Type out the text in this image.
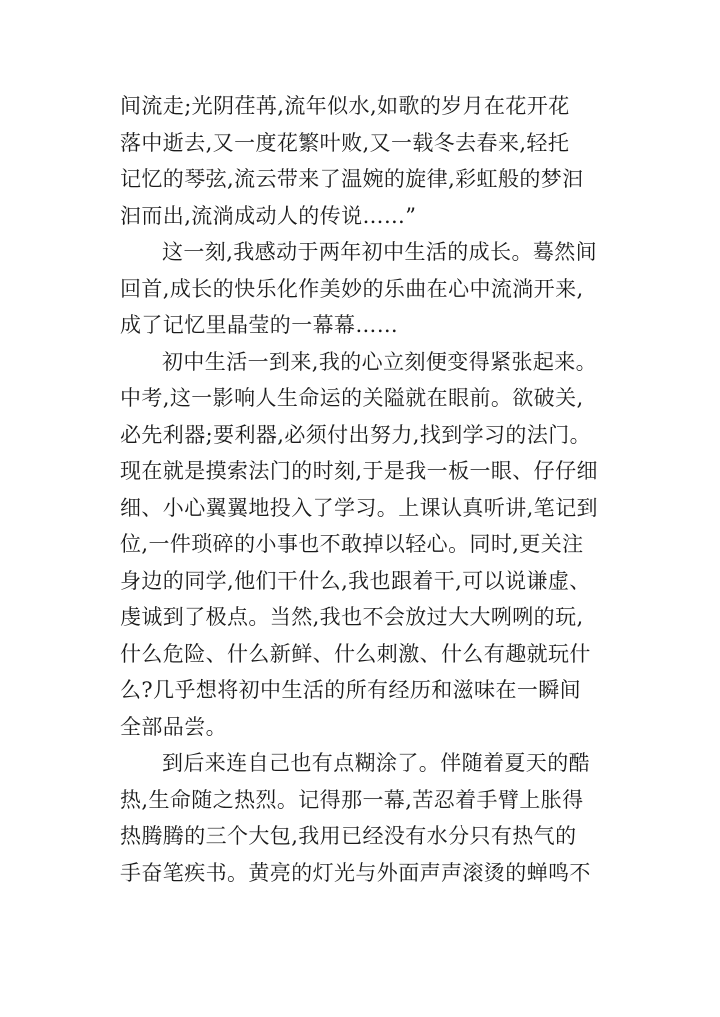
间流走;光阴荏苒,流年似水,如歌的岁月在花开花
落中逝去,又一度花繁叶败,又一载冬去春来,轻托
记忆的琴弦,流云带来了温婉的旋律,彩虹般的梦汩
汩而出,流淌成动人的传说……”

这一刻,我感动于两年初中生活的成长。蓦然间
回首,成长的快乐化作美妙的乐曲在心中流淌开来,
成了记忆里晶莹的一幕幕……

初中生活一到来,我的心立刻便变得紧张起来。
中考,这一影响人生命运的关隘就在眼前。欲破关,
必先利器;要利器,必须付出努力,找到学习的法门。
现在就是摸索法门的时刻,于是我一板一眼、仔仔细
细、小心翼翼地投入了学习。上课认真听讲,笔记到
位,一件琐碎的小事也不敢掉以轻心。同时,更关注
身边的同学,他们干什么,我也跟着干,可以说谦虚、
虔诚到了极点。当然,我也不会放过大大咧咧的玩,
什么危险、什么新鲜、什么刺激、什么有趣就玩什
么?几乎想将初中生活的所有经历和滋味在一瞬间
全部品尝。

到后来连自己也有点糊涂了。伴随着夏天的酷
热,生命随之热烈。记得那一幕,苦忍着手臂上胀得
热腾腾的三个大包,我用已经没有水分只有热气的
手奋笔疾书。黄亮的灯光与外面声声滚烫的蝉鸣不
